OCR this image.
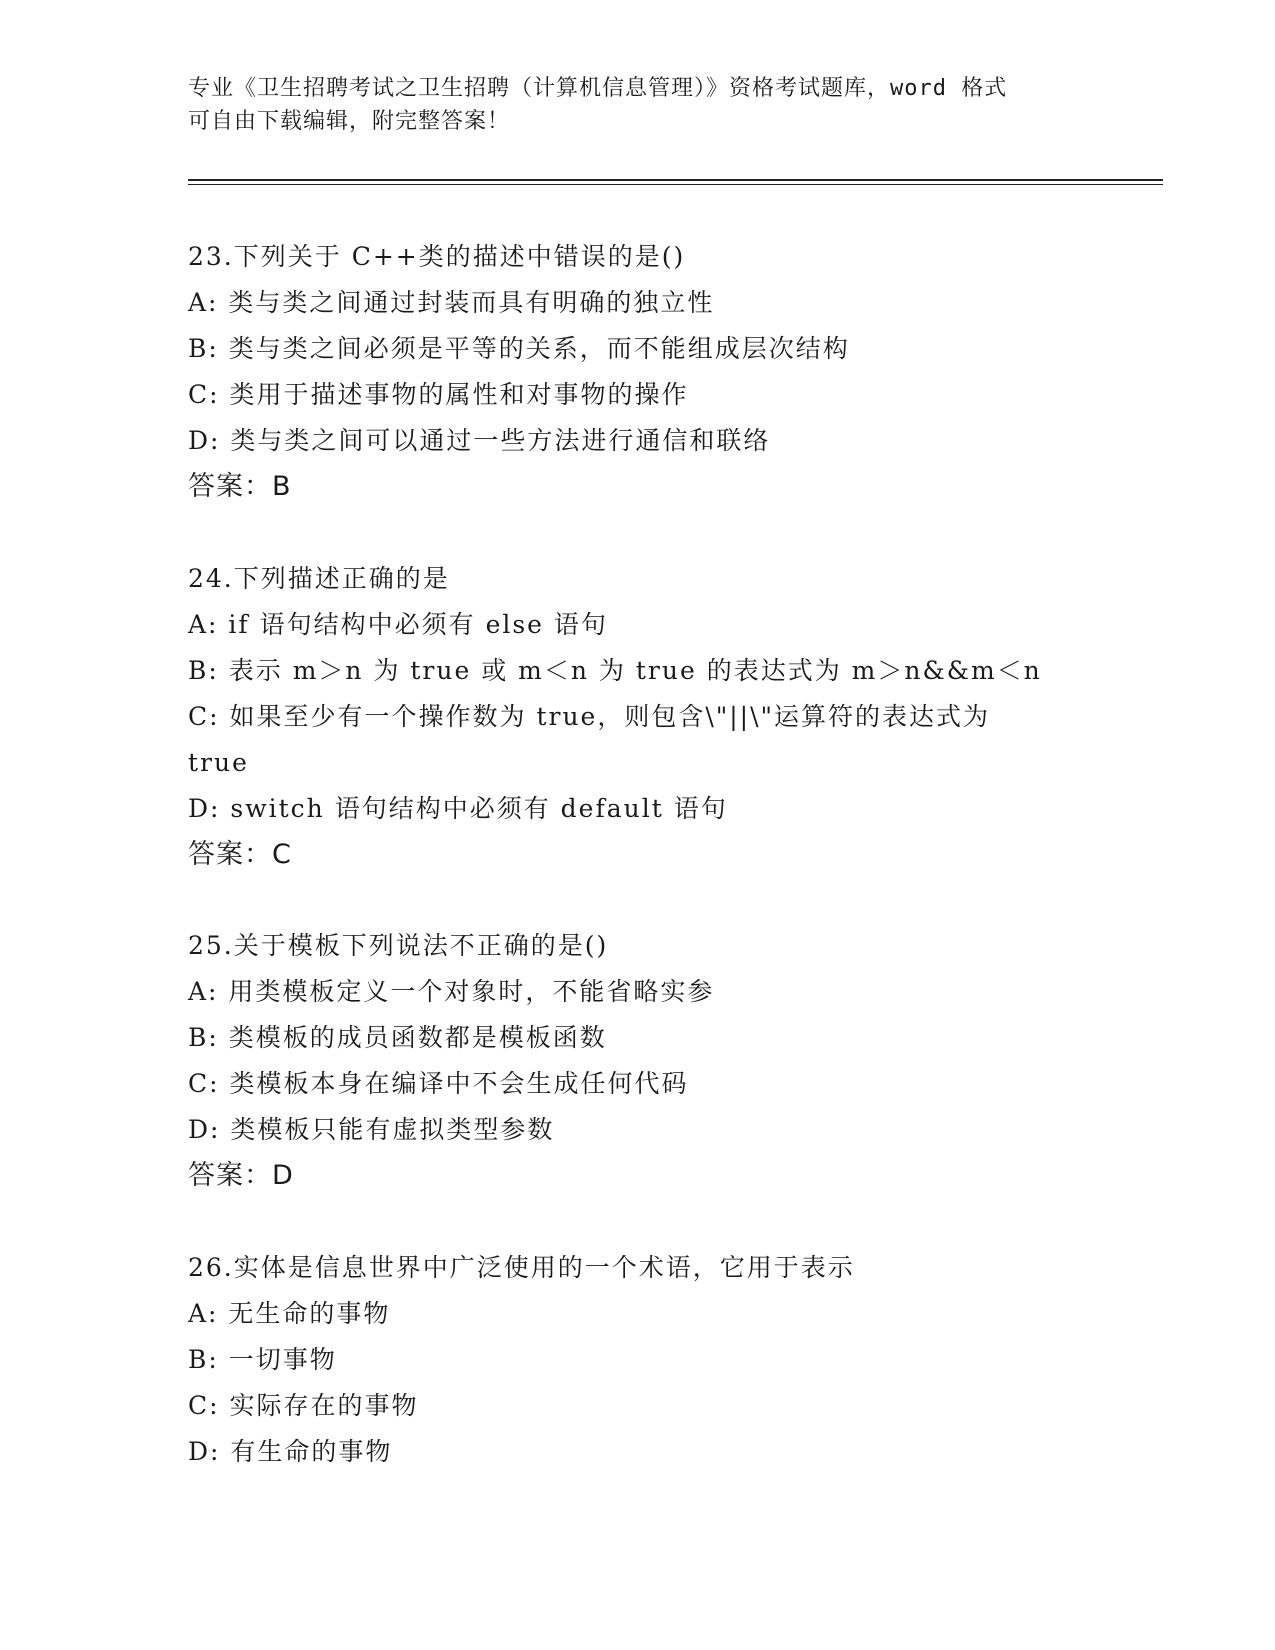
专业《卫生招聘考试之卫生招聘（计算机信息管理）》资格考试题库，word 格式
可自由下载编辑，附完整答案！
23.下列关于 C++类的描述中错误的是()
A: 类与类之间通过封装而具有明确的独立性
B: 类与类之间必须是平等的关系，而不能组成层次结构
C: 类用于描述事物的属性和对事物的操作
D: 类与类之间可以通过一些方法进行通信和联络
答案：B
24.下列描述正确的是
A: if 语句结构中必须有 else 语句
B: 表示 m＞n 为 true 或 m＜n 为 true 的表达式为 m＞n&&m＜n
C: 如果至少有一个操作数为 true，则包含\"||\"运算符的表达式为
true
D: switch 语句结构中必须有 default 语句
答案：C
25.关于模板下列说法不正确的是()
A: 用类模板定义一个对象时，不能省略实参
B: 类模板的成员函数都是模板函数
C: 类模板本身在编译中不会生成任何代码
D: 类模板只能有虚拟类型参数
答案：D
26.实体是信息世界中广泛使用的一个术语，它用于表示
A: 无生命的事物
B: 一切事物
C: 实际存在的事物
D: 有生命的事物
